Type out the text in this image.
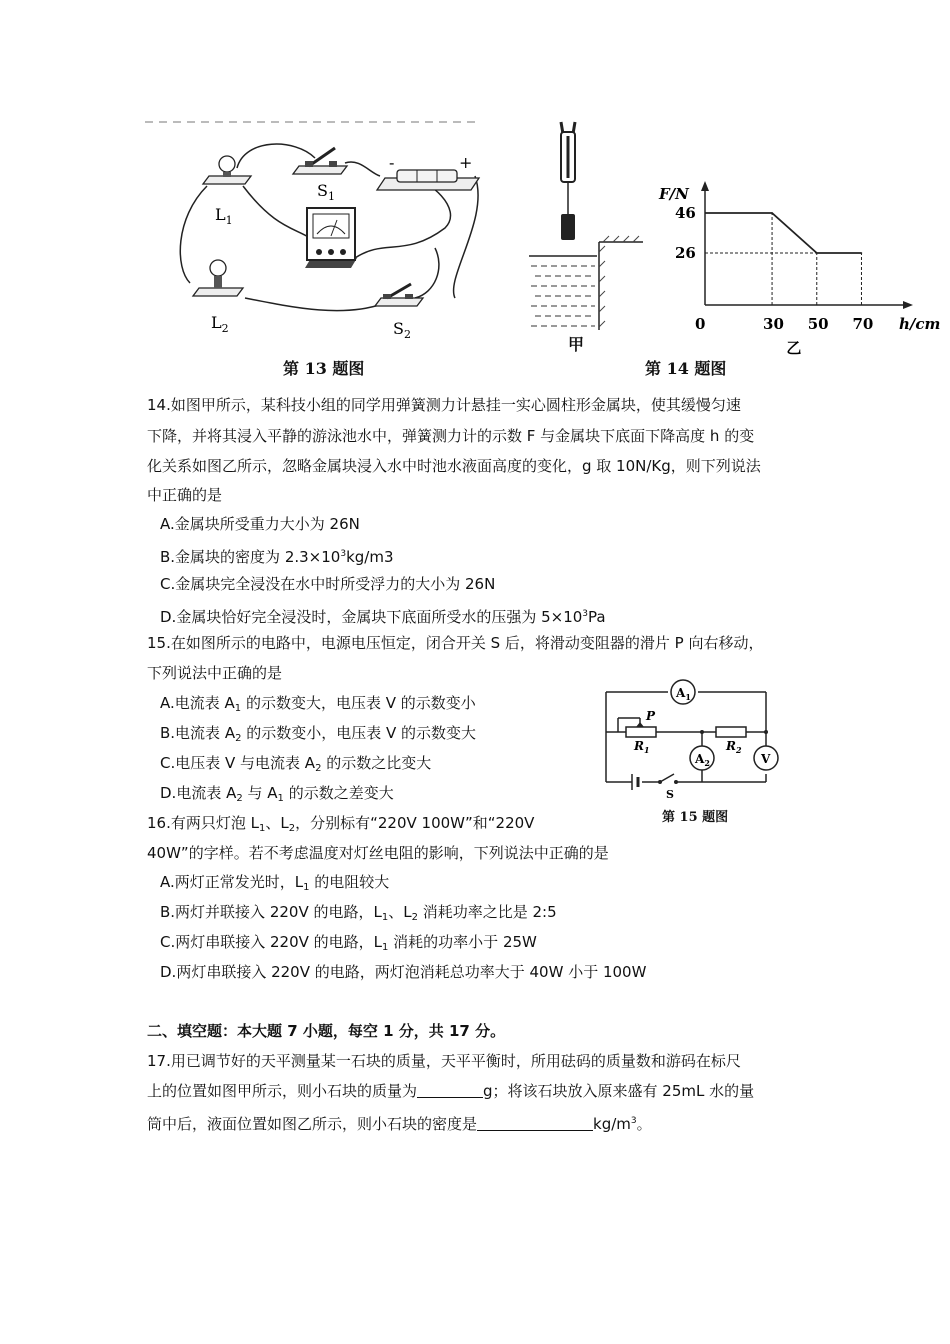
$S_1$
$S_2$
$L_1$
$L_2$
-	+
第 13 题图
甲
F/N
h/cm
46
26
0	30 50 70
乙
第 14 题图
14.如图甲所示，某科技小组的同学用弹簧测力计悬挂一实心圆柱形金属块，使其缓慢匀速
下降，并将其浸入平静的游泳池水中，弹簧测力计的示数 F 与金属块下底面下降高度 h 的变
化关系如图乙所示，忽略金属块浸入水中时池水液面高度的变化，g 取 10N/Kg，则下列说法
中正确的是
A.金属块所受重力大小为 26N
B.金属块的密度为 $2.3\times 10^3kg/m3$
C.金属块完全浸没在水中时所受浮力的大小为 26N
D.金属块恰好完全浸没时，金属块下底面所受水的压强为 $5\times 10^3Pa$
15.在如图所示的电路中，电源电压恒定，闭合开关 S 后，将滑动变阻器的滑片 P 向右移动，
下列说法中正确的是
A.电流表 $A_1$ 的示数变大，电压表 V 的示数变小
B.电流表 $A_2$ 的示数变小，电压表 V 的示数变大
C.电压表 V 与电流表 $A_2$ 的示数之比变大
D.电流表 $A_2$ 与 $A_1$ 的示数之差变大
$A_1$
$A_2$	V
$R_1$	$R_2$
P
S
第 15 题图
16.有两只灯泡 $L_1$、$L_2$，分别标有“220V 100W”和“220V
40W”的字样。若不考虑温度对灯丝电阻的影响，下列说法中正确的是
A.两灯正常发光时，$L_1$ 的电阻较大
B.两灯并联接入 220V 的电路，$L_1$、$L_2$ 消耗功率之比是 2:5
C.两灯串联接入 220V 的电路，$L_1$ 消耗的功率小于 25W
D.两灯串联接入 220V 的电路，两灯泡消耗总功率大于 40W 小于 100W
二、填空题：本大题 7 小题，每空 1 分，共 17 分。
17.用已调节好的天平测量某一石块的质量，天平平衡时，所用砝码的质量数和游码在标尺
上的位置如图甲所示，则小石块的质量为	g；将该石块放入原来盛有 25mL 水的量
筒中后，液面位置如图乙所示，则小石块的密度是	$kg/m^3$。
